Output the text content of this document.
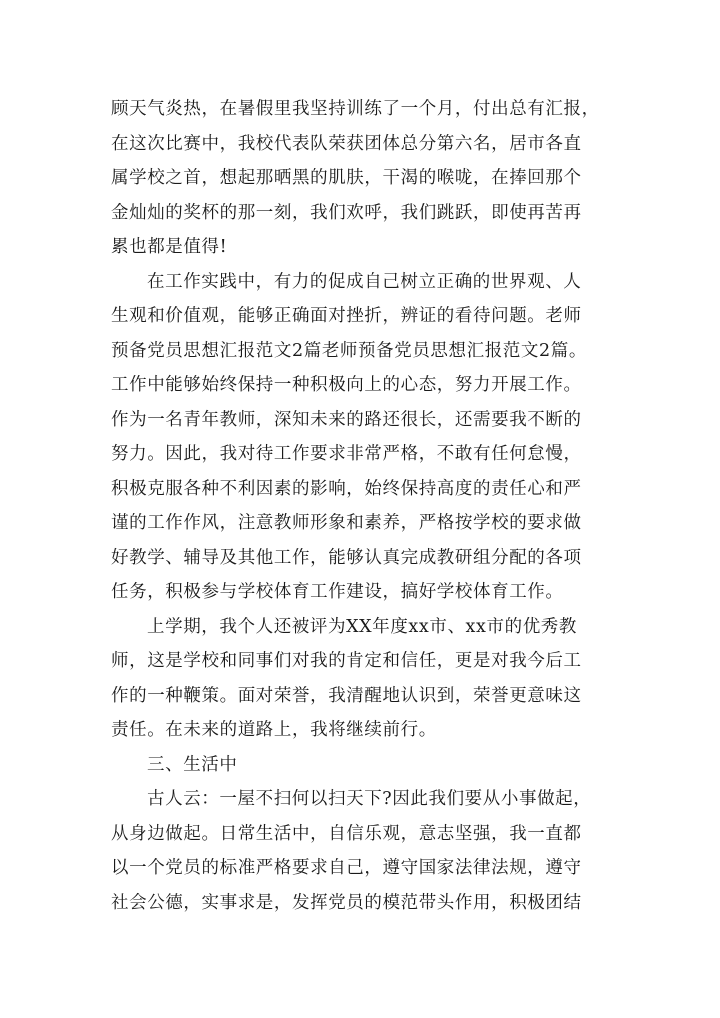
顾天气炎热，在暑假里我坚持训练了一个月，付出总有汇报，
在这次比赛中，我校代表队荣获团体总分第六名，居市各直
属学校之首，想起那晒黑的肌肤，干渴的喉咙，在捧回那个
金灿灿的奖杯的那一刻，我们欢呼，我们跳跃，即使再苦再
累也都是值得!
在工作实践中，有力的促成自己树立正确的世界观、人
生观和价值观，能够正确面对挫折，辨证的看待问题。老师
预备党员思想汇报范文2篇老师预备党员思想汇报范文2篇。
工作中能够始终保持一种积极向上的心态，努力开展工作。
作为一名青年教师，深知未来的路还很长，还需要我不断的
努力。因此，我对待工作要求非常严格，不敢有任何怠慢，
积极克服各种不利因素的影响，始终保持高度的责任心和严
谨的工作作风，注意教师形象和素养，严格按学校的要求做
好教学、辅导及其他工作，能够认真完成教研组分配的各项
任务，积极参与学校体育工作建设，搞好学校体育工作。
上学期，我个人还被评为XX年度xx市、xx市的优秀教
师，这是学校和同事们对我的肯定和信任，更是对我今后工
作的一种鞭策。面对荣誉，我清醒地认识到，荣誉更意味这
责任。在未来的道路上，我将继续前行。
三、生活中
古人云：一屋不扫何以扫天下?因此我们要从小事做起，
从身边做起。日常生活中，自信乐观，意志坚强，我一直都
以一个党员的标准严格要求自己，遵守国家法律法规，遵守
社会公德，实事求是，发挥党员的模范带头作用，积极团结
